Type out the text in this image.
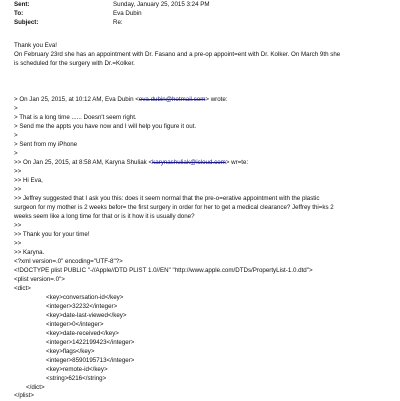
Sent:	Sunday, January 25, 2015 3:24 PM
To:	Eva Dubin
Subject:	Re:
Thank you Eva!
On February 23rd she has an appointment with Dr. Fasano and a pre-op appoint=ent with Dr. Kolker. On March 9th she
is scheduled for the surgery with Dr.=Kolker.
> On Jan 25, 2015, at 10:12 AM, Eva Dubin <eva.dubin@hotmail.com> wrote:
>
> That is a long time ...... Doesn't seem right.
> Send me the appts you have now and I will help you figure it out.
>
> Sent from my iPhone
>
>> On Jan 25, 2015, at 8:58 AM, Karyna Shuliak <karynashuliak@icloud.com> wr=te:
>>
>> Hi Eva,
>>
>> Jeffrey suggested that I ask you this: does it seem normal that the pre-o=erative appointment with the plastic
surgeon for my mother is 2 weeks befor= the first surgery in order for her to get a medical clearance? Jeffrey thi=ks 2
weeks seem like a long time for that or is it how it is usually done?
>>
>> Thank you for your time!
>>
>> Karyna.
<?xml version=.0" encoding="UTF-8"?>
<!DOCTYPE plist PUBLIC "-//Apple//DTD PLIST 1.0//EN" "http://www.apple.com/DTDs/PropertyList-1.0.dtd">
<plist version=.0">
<dict>
<key>conversation-id</key>
<integer>32232</integer>
<key>date-last-viewed</key>
<integer>0</integer>
<key>date-received</key>
<integer>1422199423</integer>
<key>flags</key>
<integer>8590195713</integer>
<key>remote-id</key>
<string>6216</string>
</dict>
</plist>
